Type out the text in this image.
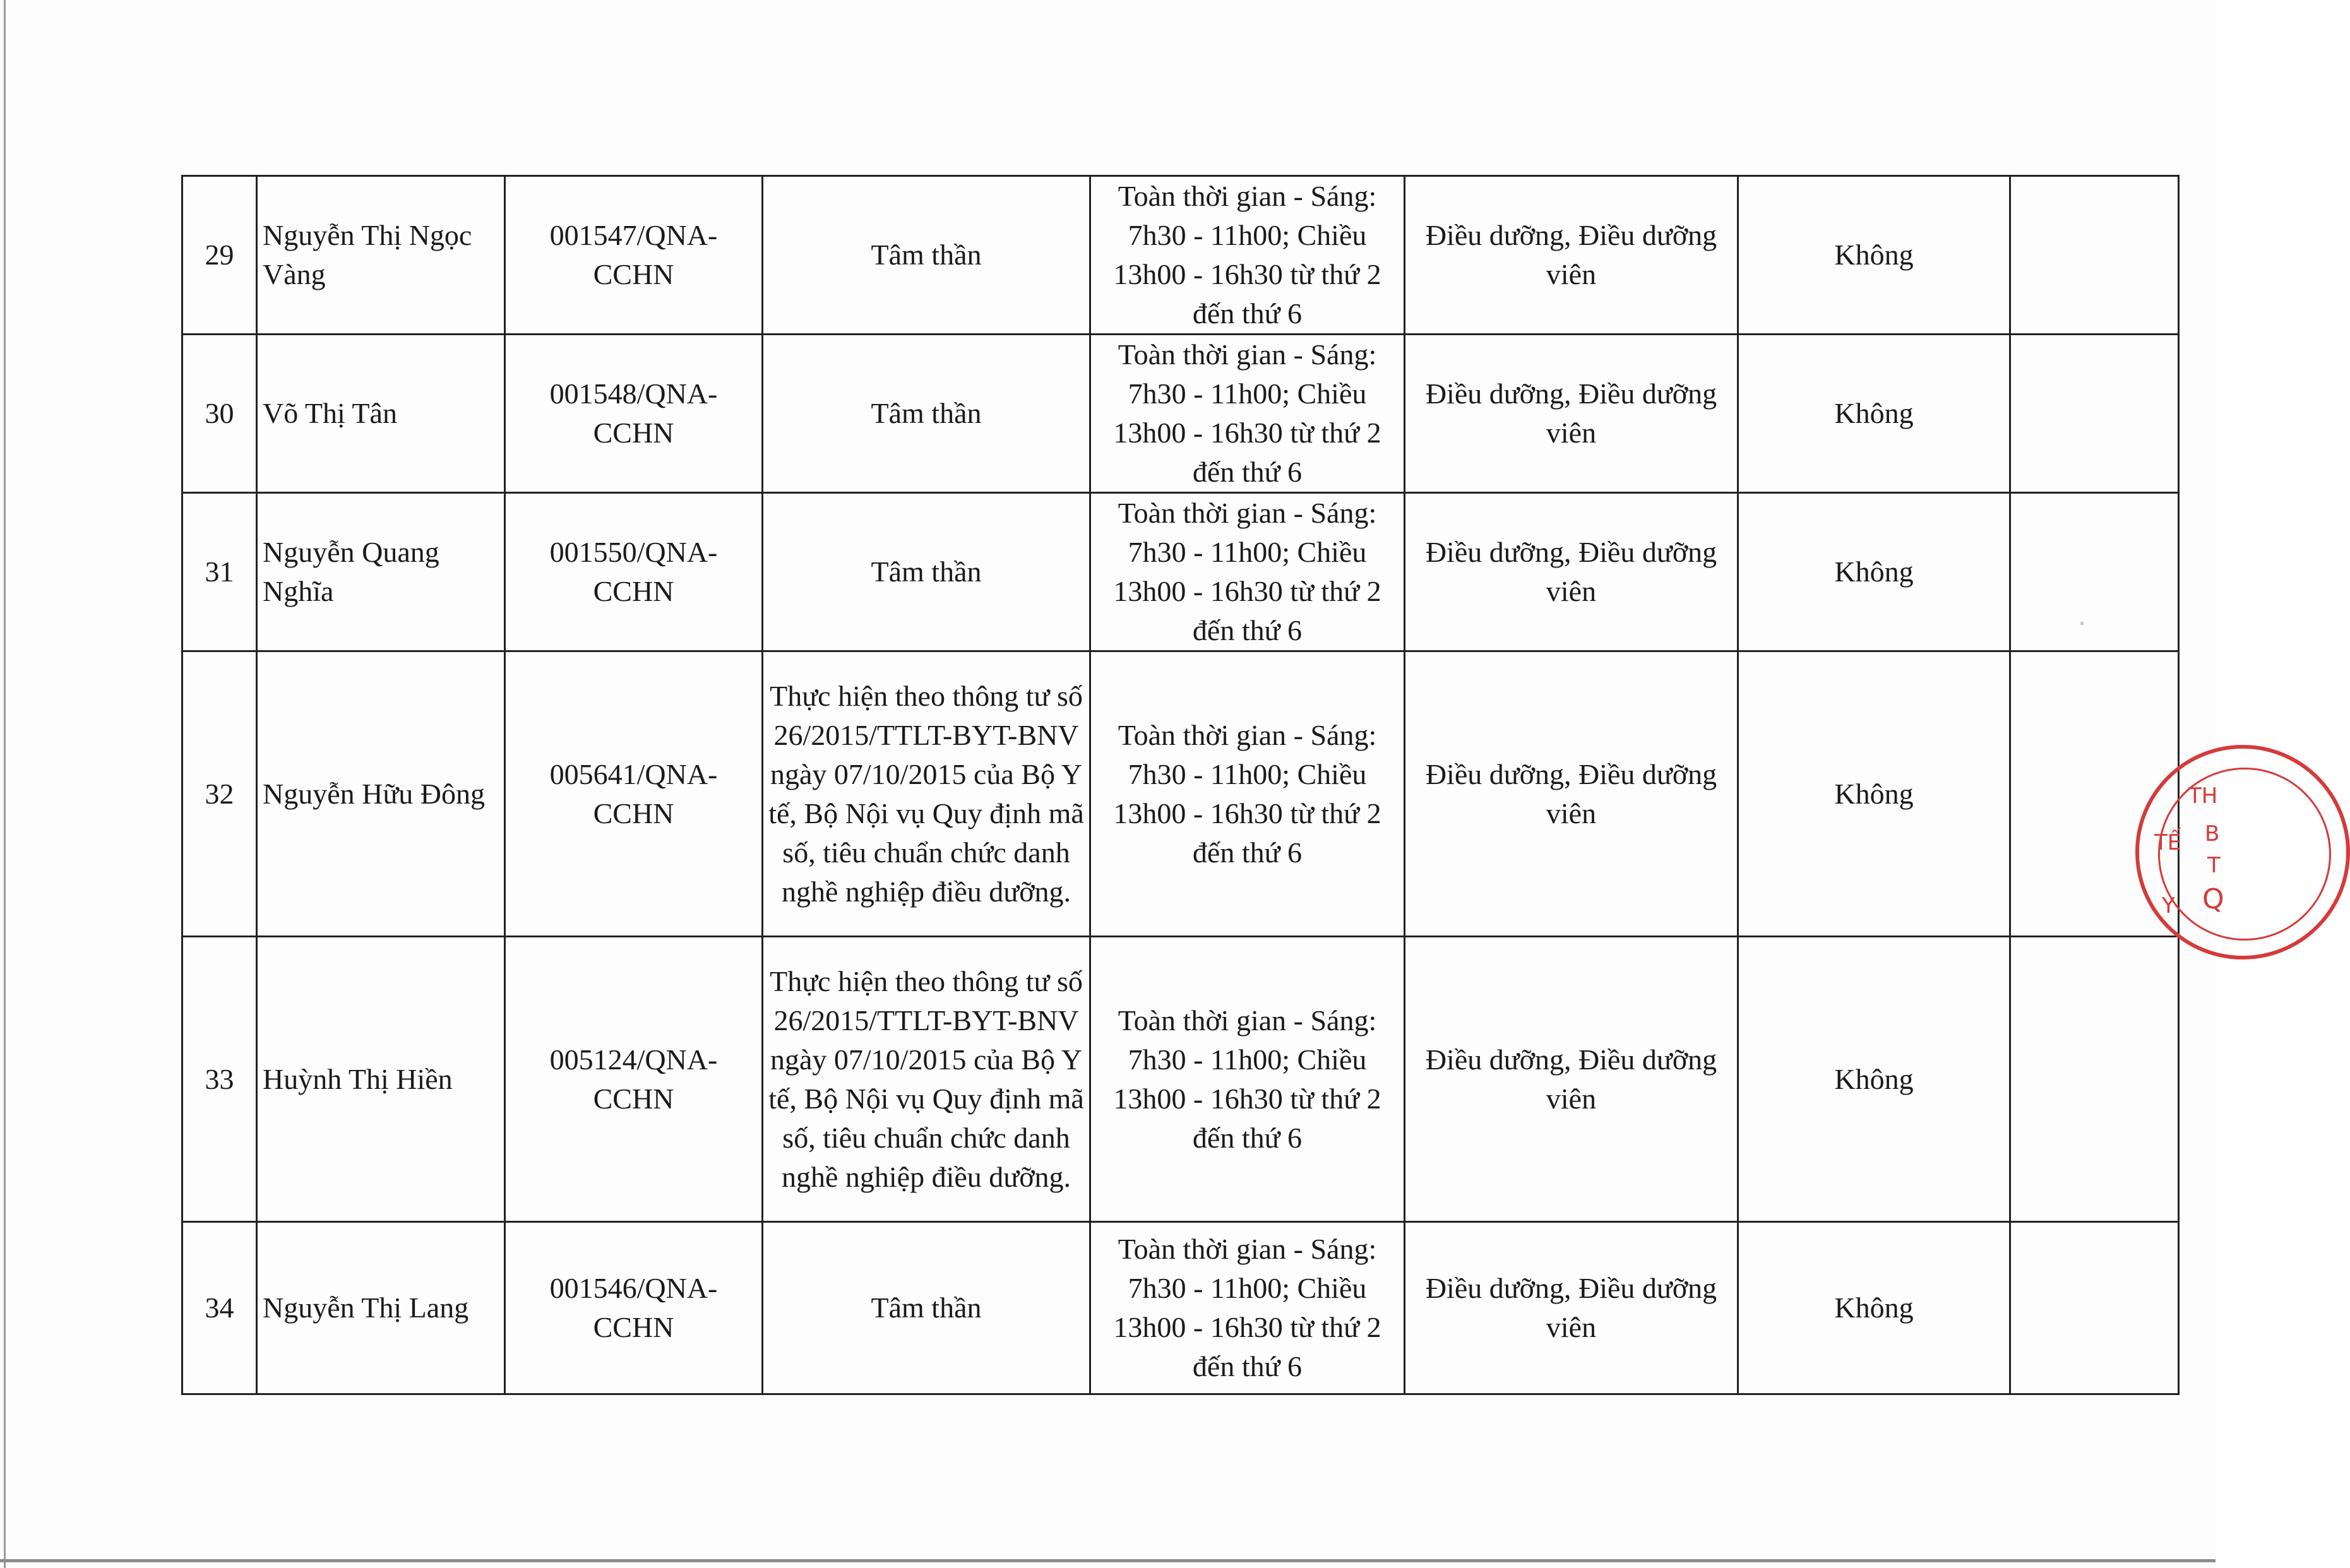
29	Nguyễn Thị Ngọc Vàng	001547/QNA-CCHN	Tâm thần	Toàn thời gian - Sáng: 7h30 - 11h00; Chiều 13h00 - 16h30 từ thứ 2 đến thứ 6	Điều dưỡng, Điều dưỡng viên	Không	
30	Võ Thị Tân	001548/QNA-CCHN	Tâm thần	Toàn thời gian - Sáng: 7h30 - 11h00; Chiều 13h00 - 16h30 từ thứ 2 đến thứ 6	Điều dưỡng, Điều dưỡng viên	Không	
31	Nguyễn Quang Nghĩa	001550/QNA-CCHN	Tâm thần	Toàn thời gian - Sáng: 7h30 - 11h00; Chiều 13h00 - 16h30 từ thứ 2 đến thứ 6	Điều dưỡng, Điều dưỡng viên	Không	
32	Nguyễn Hữu Đông	005641/QNA-CCHN	Thực hiện theo thông tư số 26/2015/TTLT-BYT-BNV ngày 07/10/2015 của Bộ Y tế, Bộ Nội vụ Quy định mã số, tiêu chuẩn chức danh nghề nghiệp điều dưỡng.	Toàn thời gian - Sáng: 7h30 - 11h00; Chiều 13h00 - 16h30 từ thứ 2 đến thứ 6	Điều dưỡng, Điều dưỡng viên	Không	
33	Huỳnh Thị Hiền	005124/QNA-CCHN	Thực hiện theo thông tư số 26/2015/TTLT-BYT-BNV ngày 07/10/2015 của Bộ Y tế, Bộ Nội vụ Quy định mã số, tiêu chuẩn chức danh nghề nghiệp điều dưỡng.	Toàn thời gian - Sáng: 7h30 - 11h00; Chiều 13h00 - 16h30 từ thứ 2 đến thứ 6	Điều dưỡng, Điều dưỡng viên	Không	
34	Nguyễn Thị Lang	001546/QNA-CCHN	Tâm thần	Toàn thời gian - Sáng: 7h30 - 11h00; Chiều 13h00 - 16h30 từ thứ 2 đến thứ 6	Điều dưỡng, Điều dưỡng viên	Không	
TH
B
T
Q
TẾ
Y
